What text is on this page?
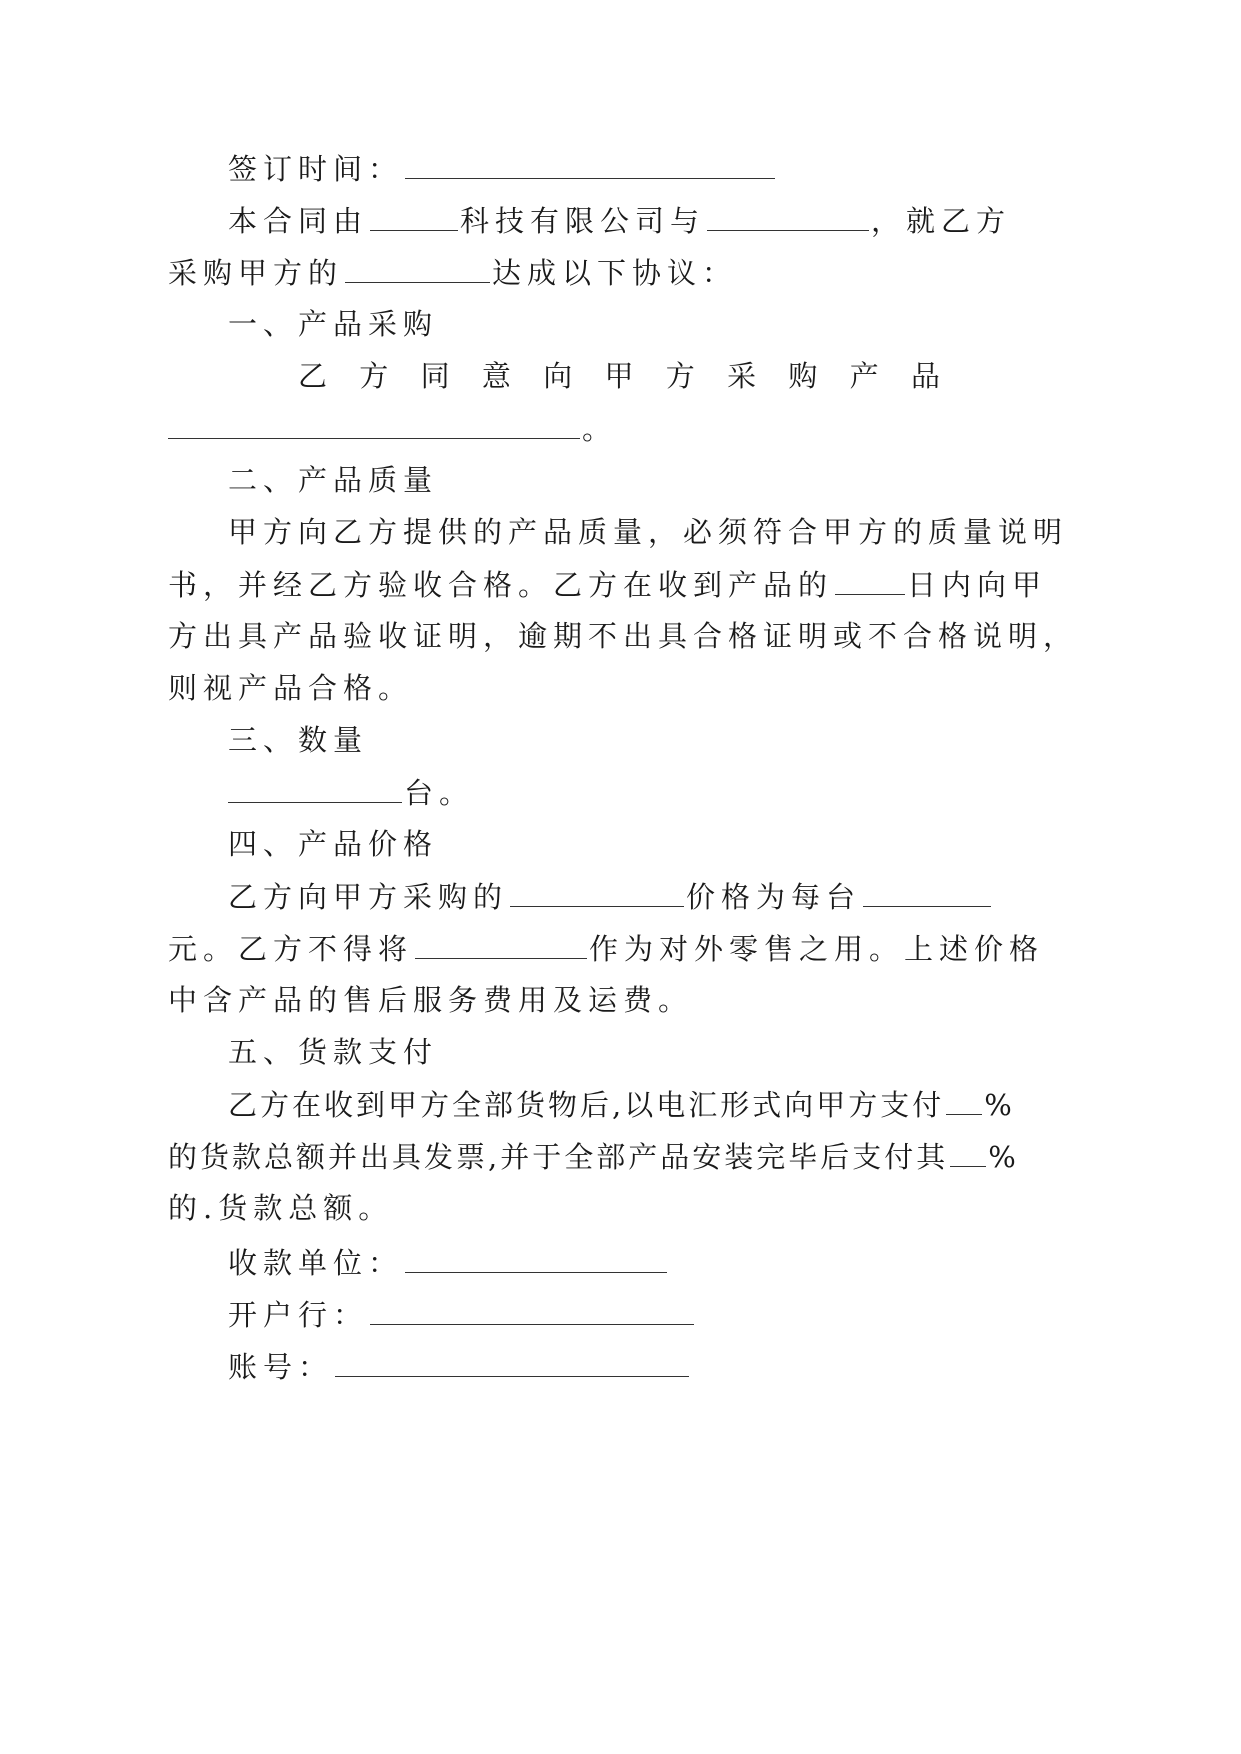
签订时间：
本合同由	科技有限公司与	，就乙方
采购甲方的	达成以下协议：
一、产品采购
乙 方 同 意 向 甲 方 采 购 产 品
。
二、产品质量
甲方向乙方提供的产品质量，必须符合甲方的质量说明
书，并经乙方验收合格。乙方在收到产品的	日内向甲
方出具产品验收证明，逾期不出具合格证明或不合格说明，
则视产品合格。
三、数量
台。
四、产品价格
乙方向甲方采购的	价格为每台
元。乙方不得将	作为对外零售之用。上述价格
中含产品的售后服务费用及运费。
五、货款支付
乙方在收到甲方全部货物后,以电汇形式向甲方支付 %
的货款总额并出具发票,并于全部产品安装完毕后支付其 %
的.货款总额。
收款单位：
开户行：
账号：
